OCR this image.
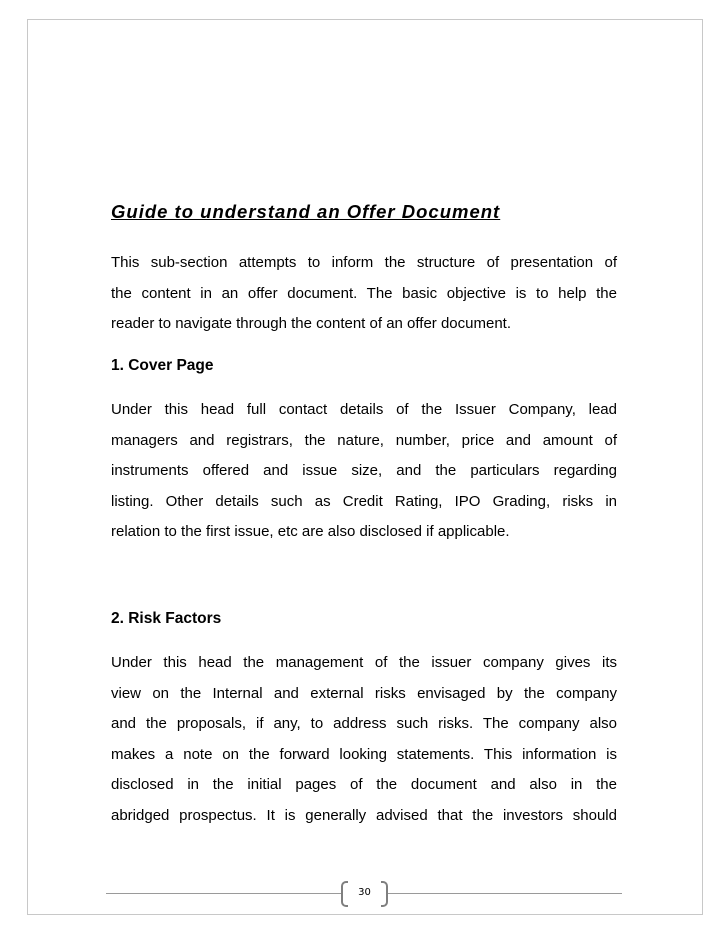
Guide to understand an Offer Document

This sub-section attempts to inform the structure of presentation of
the content in an offer document. The basic objective is to help the
reader to navigate through the content of an offer document.

1. Cover Page

Under this head full contact details of the Issuer Company, lead
managers and registrars, the nature, number, price and amount of
instruments offered and issue size, and the particulars regarding
listing. Other details such as Credit Rating, IPO Grading, risks in
relation to the first issue, etc are also disclosed if applicable.

2. Risk Factors

Under this head the management of the issuer company gives its
view on the Internal and external risks envisaged by the company
and the proposals, if any, to address such risks. The company also
makes a note on the forward looking statements. This information is
disclosed in the initial pages of the document and also in the
abridged prospectus. It is generally advised that the investors should

30
